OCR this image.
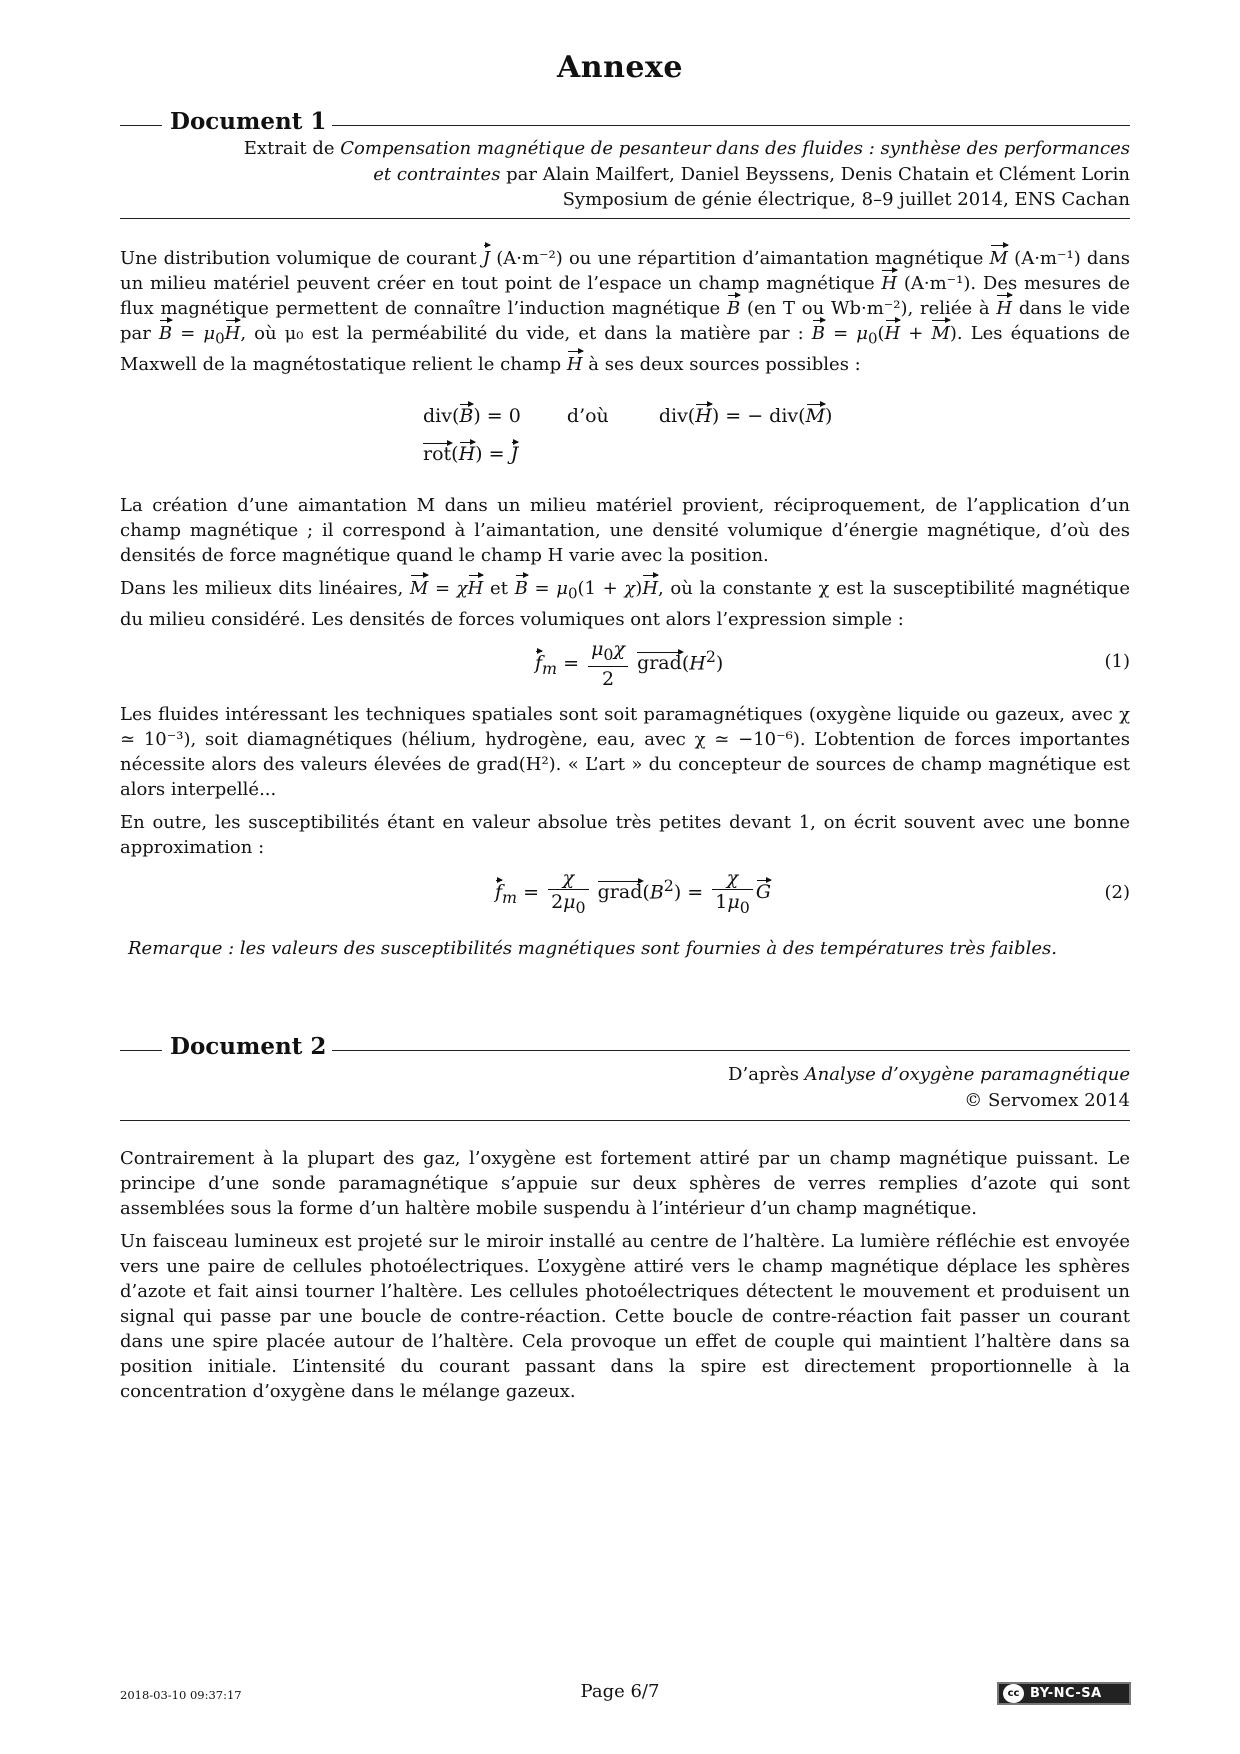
Annexe
Document 1
Extrait de Compensation magnétique de pesanteur dans des fluides : synthèse des performances
et contraintes par Alain Mailfert, Daniel Beyssens, Denis Chatain et Clément Lorin
Symposium de génie électrique, 8–9 juillet 2014, ENS Cachan

Une distribution volumique de courant J (A·m⁻²) ou une répartition d’aimantation magnétique M (A·m⁻¹) dans un milieu matériel peuvent créer en tout point de l’espace un champ magnétique H (A·m⁻¹). Des mesures de flux magnétique permettent de connaître l’induction magnétique B (en T ou Wb·m⁻²), reliée à H dans le vide par $B = \mu_0H$, où μ₀ est la perméabilité du vide, et dans la matière par : $B = \mu_0(H + M)$. Les équations de Maxwell de la magnétostatique relient le champ H à ses deux sources possibles :

div(B) = 0 d’où div(H) = − div(M)
rot(H) = J

La création d’une aimantation M dans un milieu matériel provient, réciproquement, de l’application d’un champ magnétique ; il correspond à l’aimantation, une densité volumique d’énergie magnétique, d’où des densités de force magnétique quand le champ H varie avec la position.

Dans les milieux dits linéaires, M = χH et $B = \mu_0(1 + \chi)H$, où la constante χ est la susceptibilité magnétique du milieu considéré. Les densités de forces volumiques ont alors l’expression simple :

$f_m = \frac{\mu_0\chi}{2}$ $grad(H^2)$	(1)

Les fluides intéressant les techniques spatiales sont soit paramagnétiques (oxygène liquide ou gazeux, avec χ ≃ 10⁻³), soit diamagnétiques (hélium, hydrogène, eau, avec χ ≃ −10⁻⁶). L’obtention de forces importantes nécessite alors des valeurs élevées de grad(H²). « L’art » du concepteur de sources de champ magnétique est alors interpellé...

En outre, les susceptibilités étant en valeur absolue très petites devant 1, on écrit souvent avec une bonne approximation :

$f_m = \frac{\chi}{2\mu_0}$ $grad(B^2) = \frac{\chi}{1\mu_0}$ G	(2)
Remarque : les valeurs des susceptibilités magnétiques sont fournies à des températures très faibles.
Document 2
D’après Analyse d’oxygène paramagnétique
© Servomex 2014

Contrairement à la plupart des gaz, l’oxygène est fortement attiré par un champ magnétique puissant. Le principe d’une sonde paramagnétique s’appuie sur deux sphères de verres remplies d’azote qui sont assemblées sous la forme d’un haltère mobile suspendu à l’intérieur d’un champ magnétique.

Un faisceau lumineux est projeté sur le miroir installé au centre de l’haltère. La lumière réfléchie est envoyée vers une paire de cellules photoélectriques. L’oxygène attiré vers le champ magnétique déplace les sphères d’azote et fait ainsi tourner l’haltère. Les cellules photoélectriques détectent le mouvement et produisent un signal qui passe par une boucle de contre-réaction. Cette boucle de contre-réaction fait passer un courant dans une spire placée autour de l’haltère. Cela provoque un effet de couple qui maintient l’haltère dans sa position initiale. L’intensité du courant passant dans la spire est directement proportionnelle à la concentration d’oxygène dans le mélange gazeux.

2018-03-10 09:37:17	Page 6/7	cc BY-NC-SA
